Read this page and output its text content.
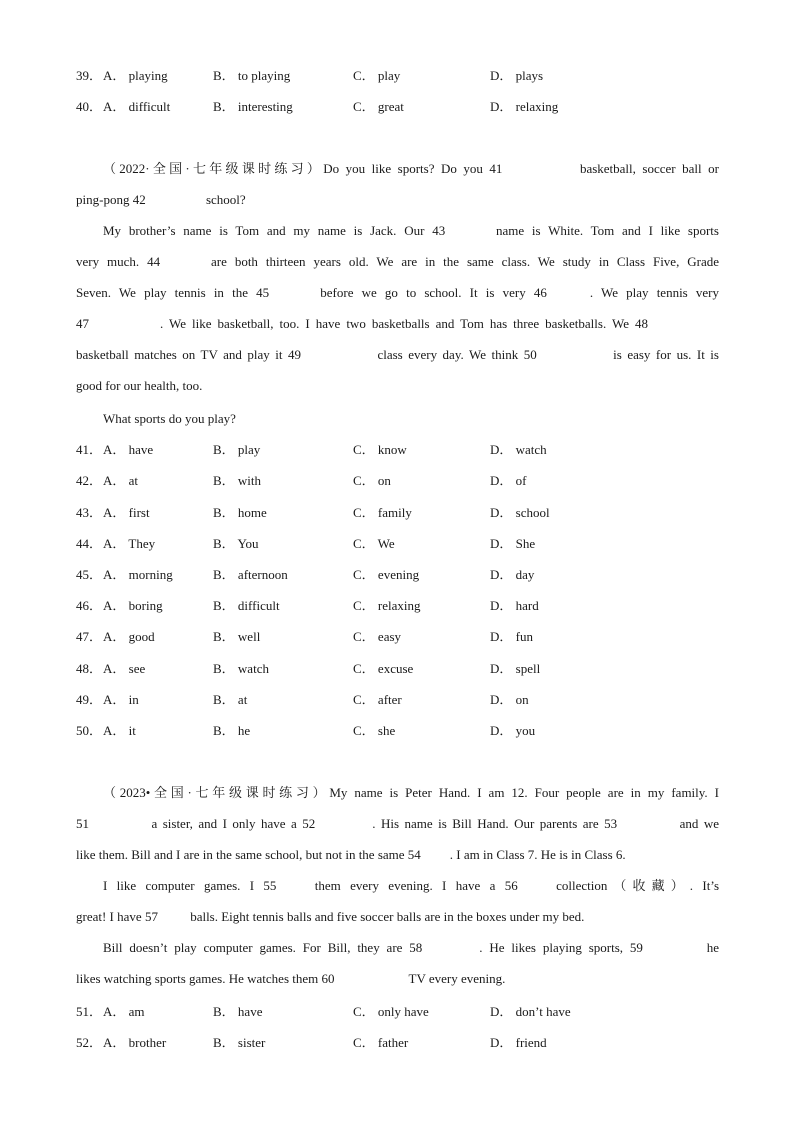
39． A． playing	B． to playing	C． play	D． plays
40． A． difficult	B． interesting	C． great	D． relaxing
（2022·全国·七年级课时练习）Do you like sports? Do you 41	basketball, soccer ball or
ping-pong 42	school?
My brother’s name is Tom and my name is Jack. Our 43	name is White. Tom and I like sports
very much. 44	are both thirteen years old. We are in the same class. We study in Class Five, Grade
Seven. We play tennis in the 45	before we go to school. It is very 46	. We play tennis very
47	. We like basketball, too. I have two basketballs and Tom has three basketballs. We 48
basketball matches on TV and play it 49	class every day. We think 50	is easy for us. It is
good for our health, too.
What sports do you play?
41． A． have	B． play	C． know	D． watch
42． A． at	B． with	C． on	D． of
43． A． first	B． home	C． family	D． school
44． A． They	B． You	C． We	D． She
45． A． morning	B． afternoon	C． evening	D． day
46． A． boring	B． difficult	C． relaxing	D． hard
47． A． good	B． well	C． easy	D． fun
48． A． see	B． watch	C． excuse	D． spell
49． A． in	B． at	C． after	D． on
50． A． it	B． he	C． she	D． you
（2023•全国·七年级课时练习）My name is Peter Hand. I am 12. Four people are in my family. I
51	a sister, and I only have a 52	. His name is Bill Hand. Our parents are 53	and we
like them. Bill and I are in the same school, but not in the same 54 . I am in Class 7. He is in Class 6.
I like computer games. I 55 them every evening. I have a 56 collection（收藏）. It’s
great! I have 57 balls. Eight tennis balls and five soccer balls are in the boxes under my bed.
Bill doesn’t play computer games. For Bill, they are 58	. He likes playing sports, 59	he
likes watching sports games. He watches them 60	TV every evening.
51． A． am	B． have	C． only have	D． don’t have
52． A． brother	B． sister	C． father	D． friend
